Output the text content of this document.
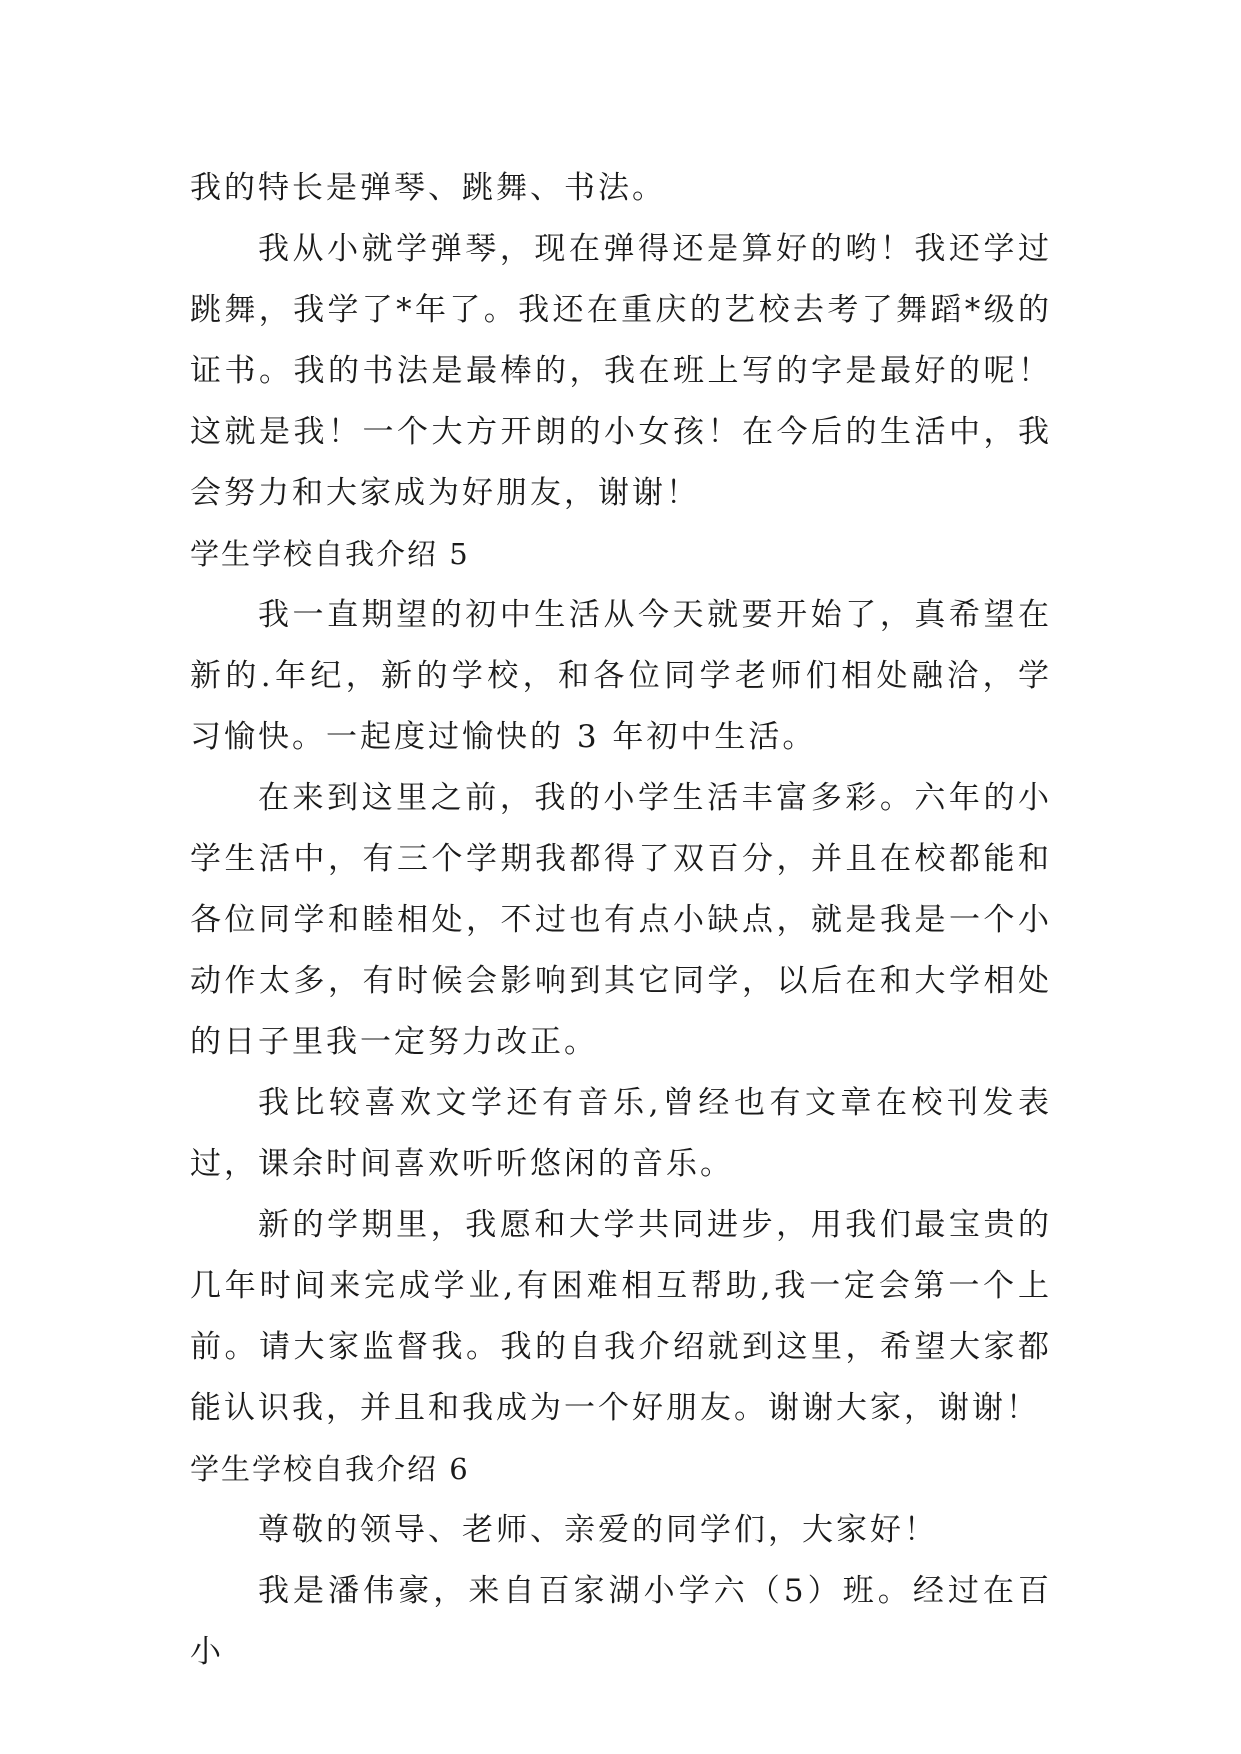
我的特长是弹琴、跳舞、书法。

我从小就学弹琴，现在弹得还是算好的哟！我还学过跳舞，我学了*年了。我还在重庆的艺校去考了舞蹈*级的证书。我的书法是最棒的，我在班上写的字是最好的呢！这就是我！一个大方开朗的小女孩！在今后的生活中，我会努力和大家成为好朋友，谢谢！

学生学校自我介绍 5

我一直期望的初中生活从今天就要开始了，真希望在新的.年纪，新的学校，和各位同学老师们相处融洽，学习愉快。一起度过愉快的 3 年初中生活。

在来到这里之前，我的小学生活丰富多彩。六年的小学生活中，有三个学期我都得了双百分，并且在校都能和各位同学和睦相处，不过也有点小缺点，就是我是一个小动作太多，有时候会影响到其它同学，以后在和大学相处的日子里我一定努力改正。

我比较喜欢文学还有音乐,曾经也有文章在校刊发表过，课余时间喜欢听听悠闲的音乐。

新的学期里，我愿和大学共同进步，用我们最宝贵的几年时间来完成学业,有困难相互帮助,我一定会第一个上前。请大家监督我。我的自我介绍就到这里，希望大家都能认识我，并且和我成为一个好朋友。谢谢大家，谢谢！

学生学校自我介绍 6

尊敬的领导、老师、亲爱的同学们，大家好！

我是潘伟豪，来自百家湖小学六（5）班。经过在百小
